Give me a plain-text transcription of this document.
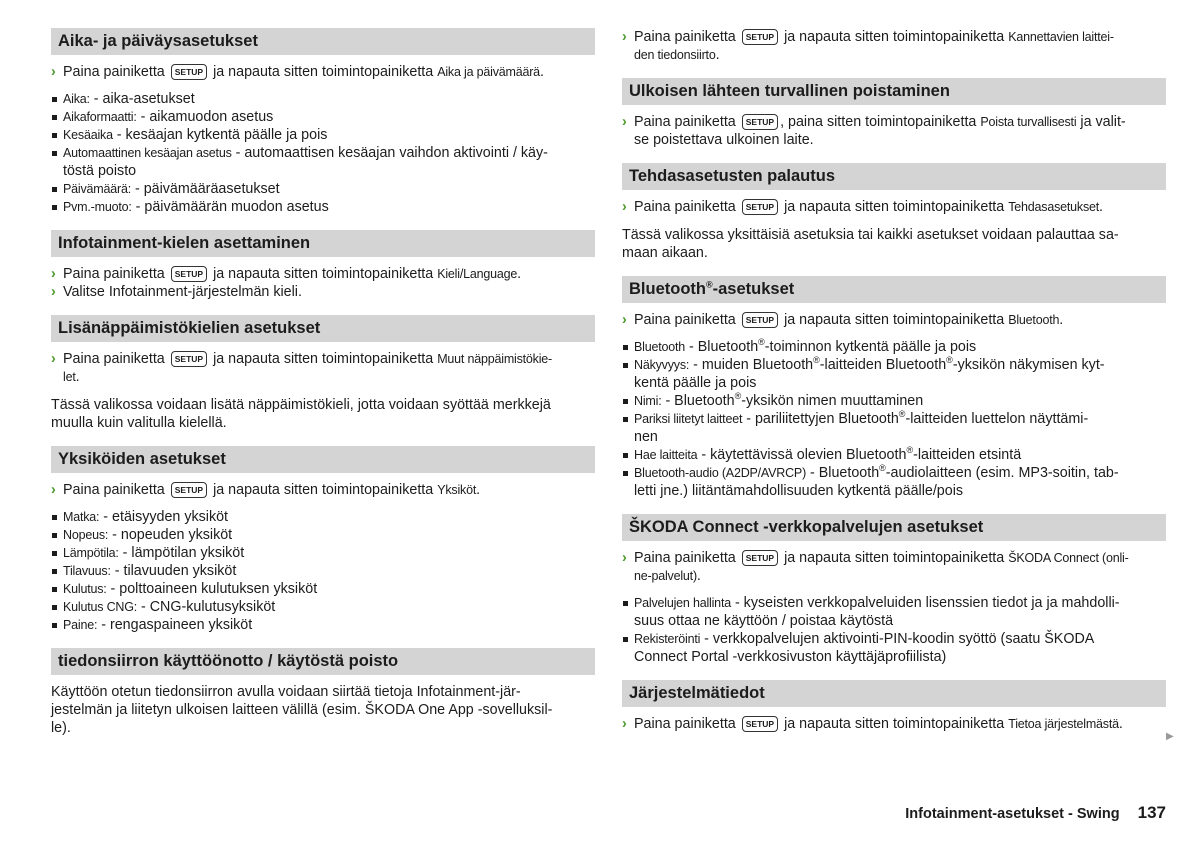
Aika- ja päiväysasetukset
› Paina painiketta SETUP ja napauta sitten toimintopainiketta Aika ja päivämäärä.
Aika: - aika-asetukset
Aikaformaatti: - aikamuodon asetus
Kesäaika - kesäajan kytkentä päälle ja pois
Automaattinen kesäajan asetus - automaattisen kesäajan vaihdon aktivointi / käy-
töstä poisto
Päivämäärä: - päivämääräasetukset
Pvm.-muoto: - päivämäärän muodon asetus
Infotainment-kielen asettaminen
› Paina painiketta SETUP ja napauta sitten toimintopainiketta Kieli/Language.
› Valitse Infotainment-järjestelmän kieli.
Lisänäppäimistökielien asetukset
› Paina painiketta SETUP ja napauta sitten toimintopainiketta Muut näppäimistökie-
let.
Tässä valikossa voidaan lisätä näppäimistökieli, jotta voidaan syöttää merkkejä
muulla kuin valitulla kielellä.
Yksiköiden asetukset
› Paina painiketta SETUP ja napauta sitten toimintopainiketta Yksiköt.
Matka: - etäisyyden yksiköt
Nopeus: - nopeuden yksiköt
Lämpötila: - lämpötilan yksiköt
Tilavuus: - tilavuuden yksiköt
Kulutus: - polttoaineen kulutuksen yksiköt
Kulutus CNG: - CNG-kulutusyksiköt
Paine: - rengaspaineen yksiköt
tiedonsiirron käyttöönotto / käytöstä poisto
Käyttöön otetun tiedonsiirron avulla voidaan siirtää tietoja Infotainment-jär-
jestelmän ja liitetyn ulkoisen laitteen välillä (esim. ŠKODA One App -sovelluksil-
le).
› Paina painiketta SETUP ja napauta sitten toimintopainiketta Kannettavien laittei-
den tiedonsiirto.
Ulkoisen lähteen turvallinen poistaminen
› Paina painiketta SETUP , paina sitten toimintopainiketta Poista turvallisesti ja valit-
se poistettava ulkoinen laite.
Tehdasasetusten palautus
› Paina painiketta SETUP ja napauta sitten toimintopainiketta Tehdasasetukset.
Tässä valikossa yksittäisiä asetuksia tai kaikki asetukset voidaan palauttaa sa-
maan aikaan.
Bluetooth®-asetukset
› Paina painiketta SETUP ja napauta sitten toimintopainiketta Bluetooth.
Bluetooth - Bluetooth®-toiminnon kytkentä päälle ja pois
Näkyvyys: - muiden Bluetooth®-laitteiden Bluetooth®-yksikön näkymisen kyt-
kentä päälle ja pois
Nimi: - Bluetooth®-yksikön nimen muuttaminen
Pariksi liitetyt laitteet - pariliitettyjen Bluetooth®-laitteiden luettelon näyttämi-
nen
Hae laitteita - käytettävissä olevien Bluetooth®-laitteiden etsintä
Bluetooth-audio (A2DP/AVRCP) - Bluetooth®-audiolaitteen (esim. MP3-soitin, tab-
letti jne.) liitäntämahdollisuuden kytkentä päälle/pois
ŠKODA Connect -verkkopalvelujen asetukset
› Paina painiketta SETUP ja napauta sitten toimintopainiketta ŠKODA Connect (onli-
ne-palvelut).
Palvelujen hallinta - kyseisten verkkopalveluiden lisenssien tiedot ja ja mahdolli-
suus ottaa ne käyttöön / poistaa käytöstä
Rekisteröinti - verkkopalvelujen aktivointi-PIN-koodin syöttö (saatu ŠKODA
Connect Portal -verkkosivuston käyttäjäprofiilista)
Järjestelmätiedot
› Paina painiketta SETUP ja napauta sitten toimintopainiketta Tietoa järjestelmästä.
▶
Infotainment-asetukset - Swing 137
